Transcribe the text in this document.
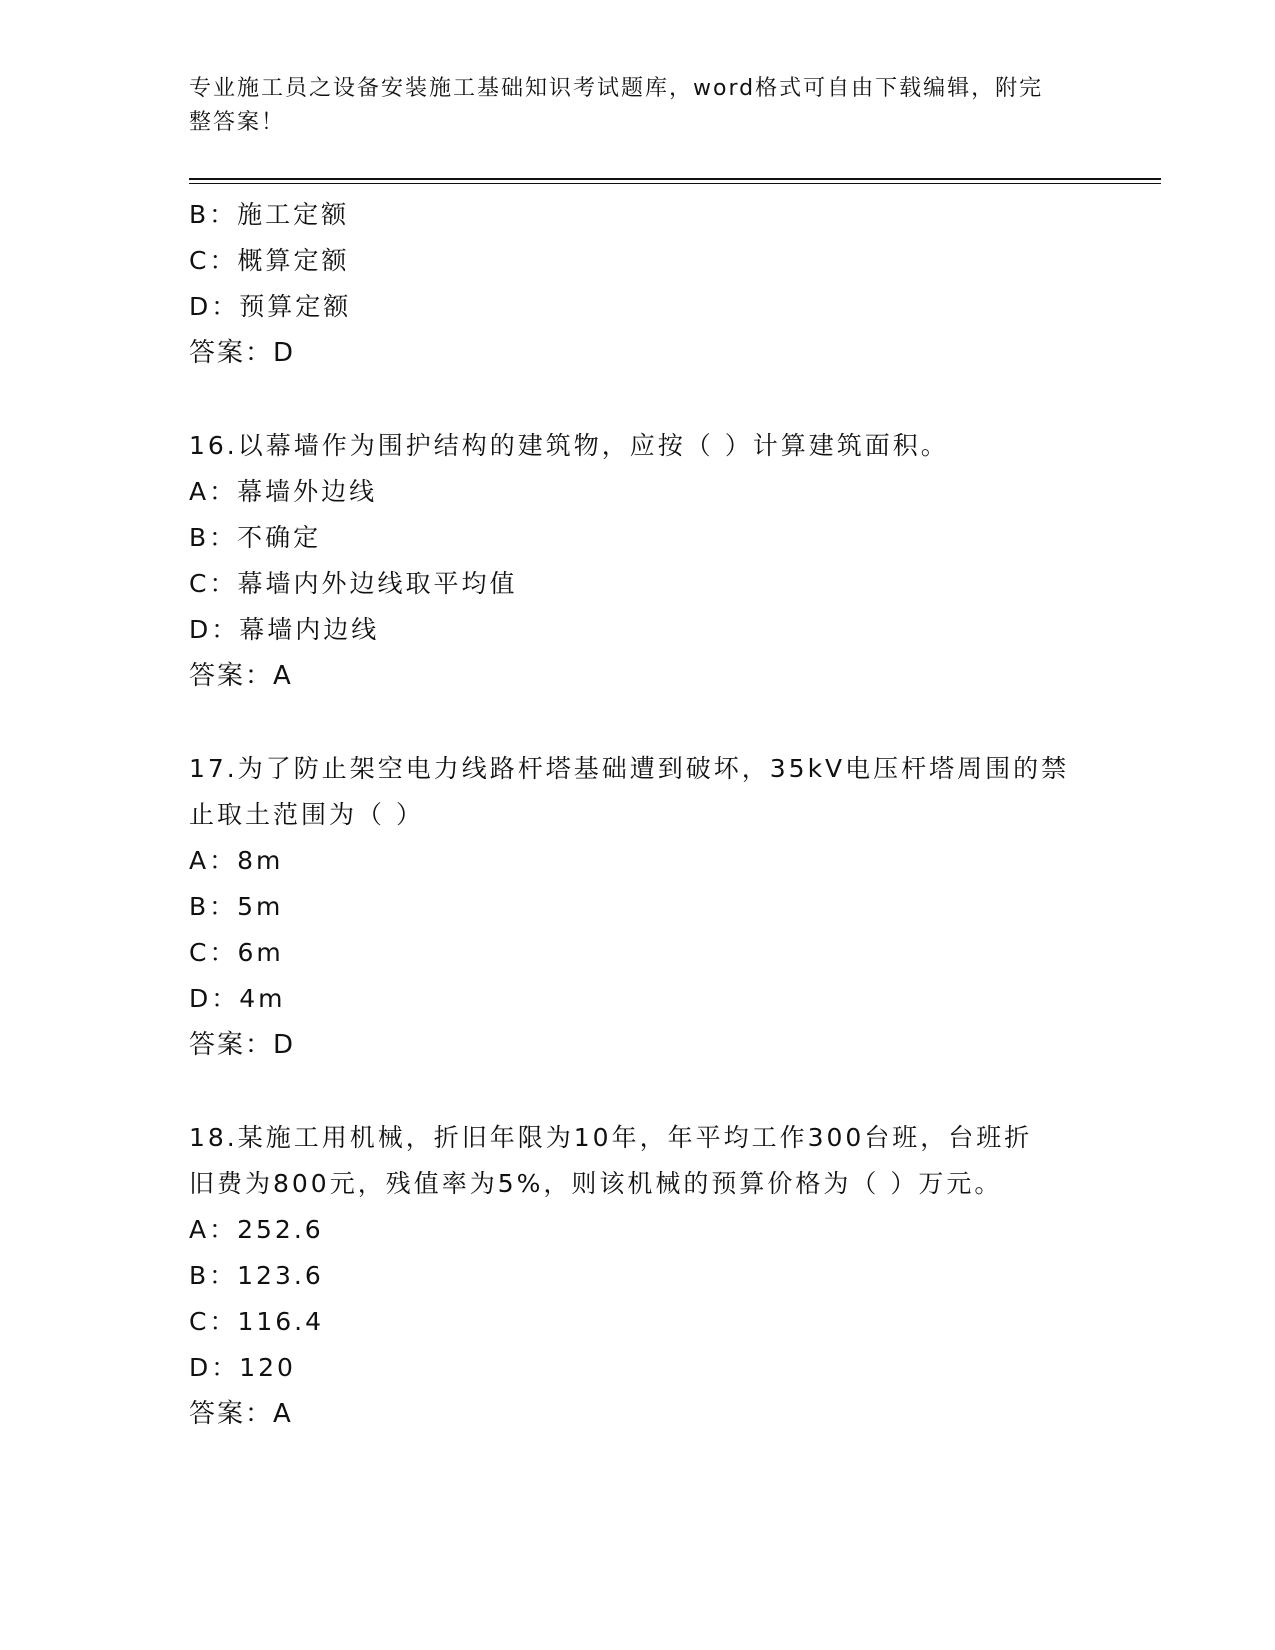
专业施工员之设备安装施工基础知识考试题库，word格式可自由下载编辑，附完
整答案！
B：施工定额
C：概算定额
D：预算定额
答案：D
16.以幕墙作为围护结构的建筑物，应按（ ）计算建筑面积。
A：幕墙外边线
B：不确定
C：幕墙内外边线取平均值
D：幕墙内边线
答案：A
17.为了防止架空电力线路杆塔基础遭到破坏，35kV电压杆塔周围的禁
止取土范围为（ ）
A：8m
B：5m
C：6m
D：4m
答案：D
18.某施工用机械，折旧年限为10年，年平均工作300台班，台班折
旧费为800元，残值率为5%，则该机械的预算价格为（ ）万元。
A：252.6
B：123.6
C：116.4
D：120
答案：A
